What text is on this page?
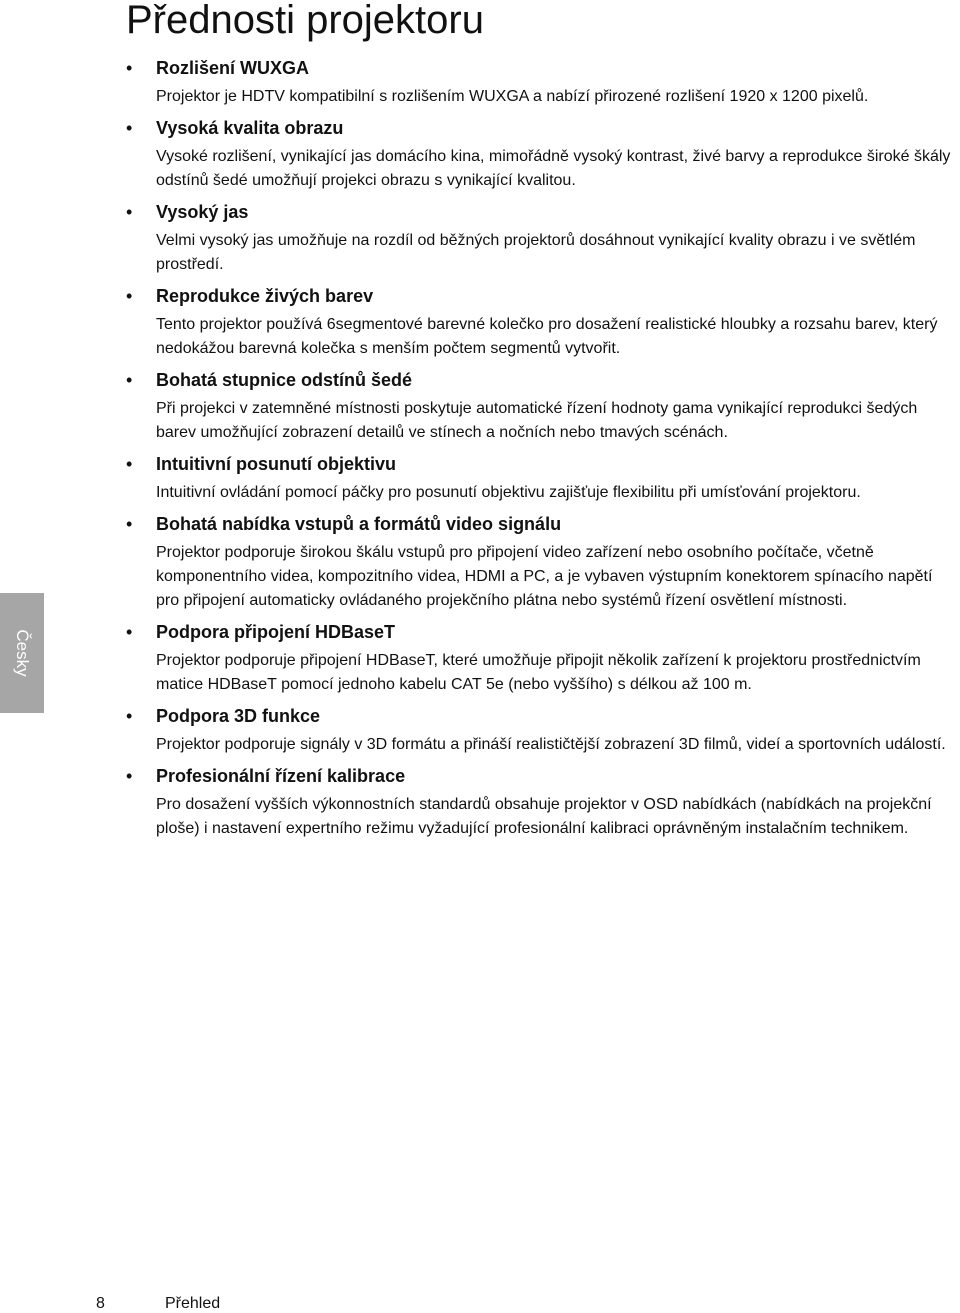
Přednosti projektoru
• Rozlišení WUXGA

Projektor je HDTV kompatibilní s rozlišením WUXGA a nabízí přirozené rozlišení 1920 x 1200 pixelů.

• Vysoká kvalita obrazu

Vysoké rozlišení, vynikající jas domácího kina, mimořádně vysoký kontrast, živé barvy a reprodukce široké škály odstínů šedé umožňují projekci obrazu s vynikající kvalitou.

• Vysoký jas

Velmi vysoký jas umožňuje na rozdíl od běžných projektorů dosáhnout vynikající kvality obrazu i ve světlém prostředí.

• Reprodukce živých barev

Tento projektor používá 6segmentové barevné kolečko pro dosažení realistické hloubky a rozsahu barev, který nedokážou barevná kolečka s menším počtem segmentů vytvořit.

• Bohatá stupnice odstínů šedé

Při projekci v zatemněné místnosti poskytuje automatické řízení hodnoty gama vynikající reprodukci šedých barev umožňující zobrazení detailů ve stínech a nočních nebo tmavých scénách.

• Intuitivní posunutí objektivu

Intuitivní ovládání pomocí páčky pro posunutí objektivu zajišťuje flexibilitu při umísťování projektoru.

• Bohatá nabídka vstupů a formátů video signálu

Projektor podporuje širokou škálu vstupů pro připojení video zařízení nebo osobního počítače, včetně komponentního videa, kompozitního videa, HDMI a PC, a je vybaven výstupním konektorem spínacího napětí pro připojení automaticky ovládaného projekčního plátna nebo systémů řízení osvětlení místnosti.

• Podpora připojení HDBaseT

Projektor podporuje připojení HDBaseT, které umožňuje připojit několik zařízení k projektoru prostřednictvím matice HDBaseT pomocí jednoho kabelu CAT 5e (nebo vyššího) s délkou až 100 m.

• Podpora 3D funkce

Projektor podporuje signály v 3D formátu a přináší realističtější zobrazení 3D filmů, videí a sportovních událostí.

• Profesionální řízení kalibrace

Pro dosažení vyšších výkonnostních standardů obsahuje projektor v OSD nabídkách (nabídkách na projekční ploše) i nastavení expertního režimu vyžadující profesionální kalibraci oprávněným instalačním technikem.

Česky
8	Přehled
